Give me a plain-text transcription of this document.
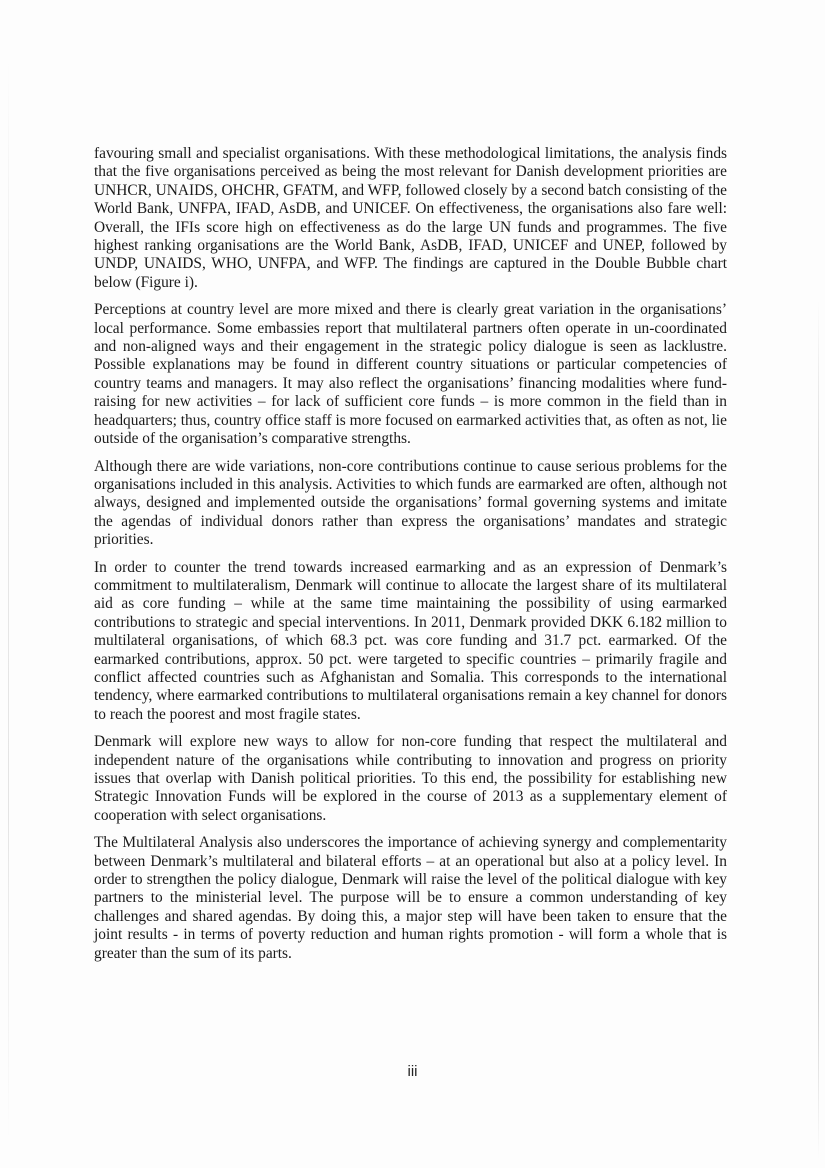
favouring small and specialist organisations. With these methodological limitations, the analysis finds that the five organisations perceived as being the most relevant for Danish development priorities are UNHCR, UNAIDS, OHCHR, GFATM, and WFP, followed closely by a second batch consisting of the World Bank, UNFPA, IFAD, AsDB, and UNICEF. On effectiveness, the organisations also fare well: Overall, the IFIs score high on effectiveness as do the large UN funds and programmes. The five highest ranking organisations are the World Bank, AsDB, IFAD, UNICEF and UNEP, followed by UNDP, UNAIDS, WHO, UNFPA, and WFP. The findings are captured in the Double Bubble chart below (Figure i).

Perceptions at country level are more mixed and there is clearly great variation in the organisations’ local performance. Some embassies report that multilateral partners often operate in un-coordinated and non-aligned ways and their engagement in the strategic policy dialogue is seen as lacklustre. Possible explanations may be found in different country situations or particular competencies of country teams and managers. It may also reflect the organisations’ financing modalities where fund-raising for new activities – for lack of sufficient core funds – is more common in the field than in headquarters; thus, country office staff is more focused on earmarked activities that, as often as not, lie outside of the organisation’s comparative strengths.

Although there are wide variations, non-core contributions continue to cause serious problems for the organisations included in this analysis. Activities to which funds are earmarked are often, although not always, designed and implemented outside the organisations’ formal governing systems and imitate the agendas of individual donors rather than express the organisations’ mandates and strategic priorities.

In order to counter the trend towards increased earmarking and as an expression of Denmark’s commitment to multilateralism, Denmark will continue to allocate the largest share of its multilateral aid as core funding – while at the same time maintaining the possibility of using earmarked contributions to strategic and special interventions. In 2011, Denmark provided DKK 6.182 million to multilateral organisations, of which 68.3 pct. was core funding and 31.7 pct. earmarked. Of the earmarked contributions, approx. 50 pct. were targeted to specific countries – primarily fragile and conflict affected countries such as Afghanistan and Somalia. This corresponds to the international tendency, where earmarked contributions to multilateral organisations remain a key channel for donors to reach the poorest and most fragile states.

Denmark will explore new ways to allow for non-core funding that respect the multilateral and independent nature of the organisations while contributing to innovation and progress on priority issues that overlap with Danish political priorities. To this end, the possibility for establishing new Strategic Innovation Funds will be explored in the course of 2013 as a supplementary element of cooperation with select organisations.

The Multilateral Analysis also underscores the importance of achieving synergy and complementarity between Denmark’s multilateral and bilateral efforts – at an operational but also at a policy level. In order to strengthen the policy dialogue, Denmark will raise the level of the political dialogue with key partners to the ministerial level. The purpose will be to ensure a common understanding of key challenges and shared agendas. By doing this, a major step will have been taken to ensure that the joint results - in terms of poverty reduction and human rights promotion - will form a whole that is greater than the sum of its parts.

iii
